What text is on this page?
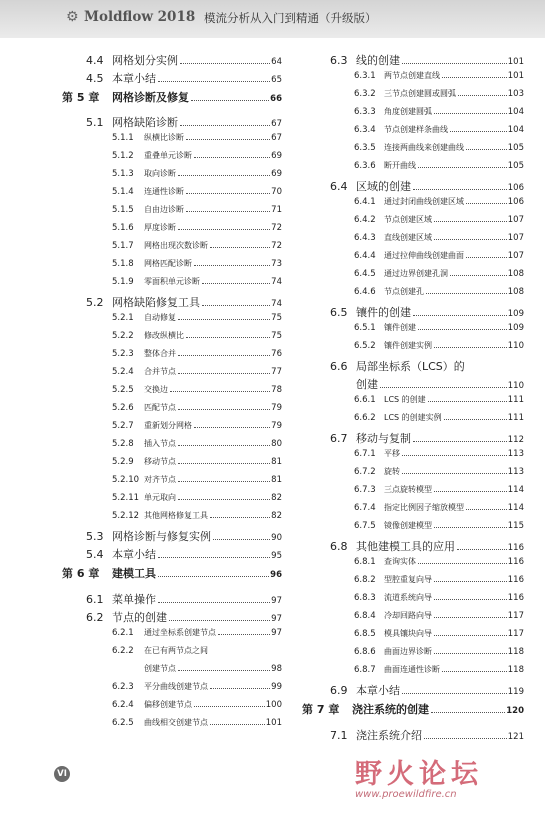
⚙ Moldflow 2018 模流分析从入门到精通（升级版）
4.4 网格划分实例	64
4.5 本章小结	65
第 5 章	网格诊断及修复	66
5.1 网格缺陷诊断	67
5.1.1	纵横比诊断	67
5.1.2	重叠单元诊断	69
5.1.3	取向诊断	69
5.1.4	连通性诊断	70
5.1.5	自由边诊断	71
5.1.6	厚度诊断	72
5.1.7	网格出现次数诊断	72
5.1.8	网格匹配诊断	73
5.1.9	零面积单元诊断	74
5.2 网格缺陷修复工具	74
5.2.1	自动修复	75
5.2.2	修改纵横比	75
5.2.3	整体合并	76
5.2.4	合并节点	77
5.2.5	交换边	78
5.2.6	匹配节点	79
5.2.7	重新划分网格	79
5.2.8	插入节点	80
5.2.9	移动节点	81
5.2.10 对齐节点	81
5.2.11 单元取向	82
5.2.12 其他网格修复工具	82
5.3 网格诊断与修复实例	90
5.4 本章小结	95
第 6 章	建模工具	96
6.1 菜单操作	97
6.2 节点的创建	97
6.2.1	通过坐标系创建节点	97
6.2.2	在已有两节点之间
创建节点	98
6.2.3	平分曲线创建节点	99
6.2.4	偏移创建节点	100
6.2.5	曲线相交创建节点	101
6.3 线的创建	101
6.3.1	两节点创建直线	101
6.3.2	三节点创建圆或圆弧	103
6.3.3	角度创建圆弧	104
6.3.4	节点创建样条曲线	104
6.3.5	连接两曲线来创建曲线	105
6.3.6	断开曲线	105
6.4 区域的创建	106
6.4.1	通过封闭曲线创建区域	106
6.4.2	节点创建区域	107
6.4.3	直线创建区域	107
6.4.4	通过拉伸曲线创建曲面	107
6.4.5	通过边界创建孔洞	108
6.4.6	节点创建孔	108
6.5 镶件的创建	109
6.5.1	镶件创建	109
6.5.2	镶件创建实例	110
6.6 局部坐标系（LCS）的
创建	110
6.6.1	LCS 的创建	111
6.6.2	LCS 的创建实例	111
6.7 移动与复制	112
6.7.1	平移	113
6.7.2	旋转	113
6.7.3	三点旋转模型	114
6.7.4	指定比例因子缩放模型	114
6.7.5	镜像创建模型	115
6.8 其他建模工具的应用	116
6.8.1	查询实体	116
6.8.2	型腔重复向导	116
6.8.3	流道系统向导	116
6.8.4	冷却回路向导	117
6.8.5	模具镶块向导	117
6.8.6	曲面边界诊断	118
6.8.7	曲面连通性诊断	118
6.9 本章小结	119
第 7 章	浇注系统的创建	120
7.1 浇注系统介绍	121
VI	野火论坛
www.proewildfire.cn
